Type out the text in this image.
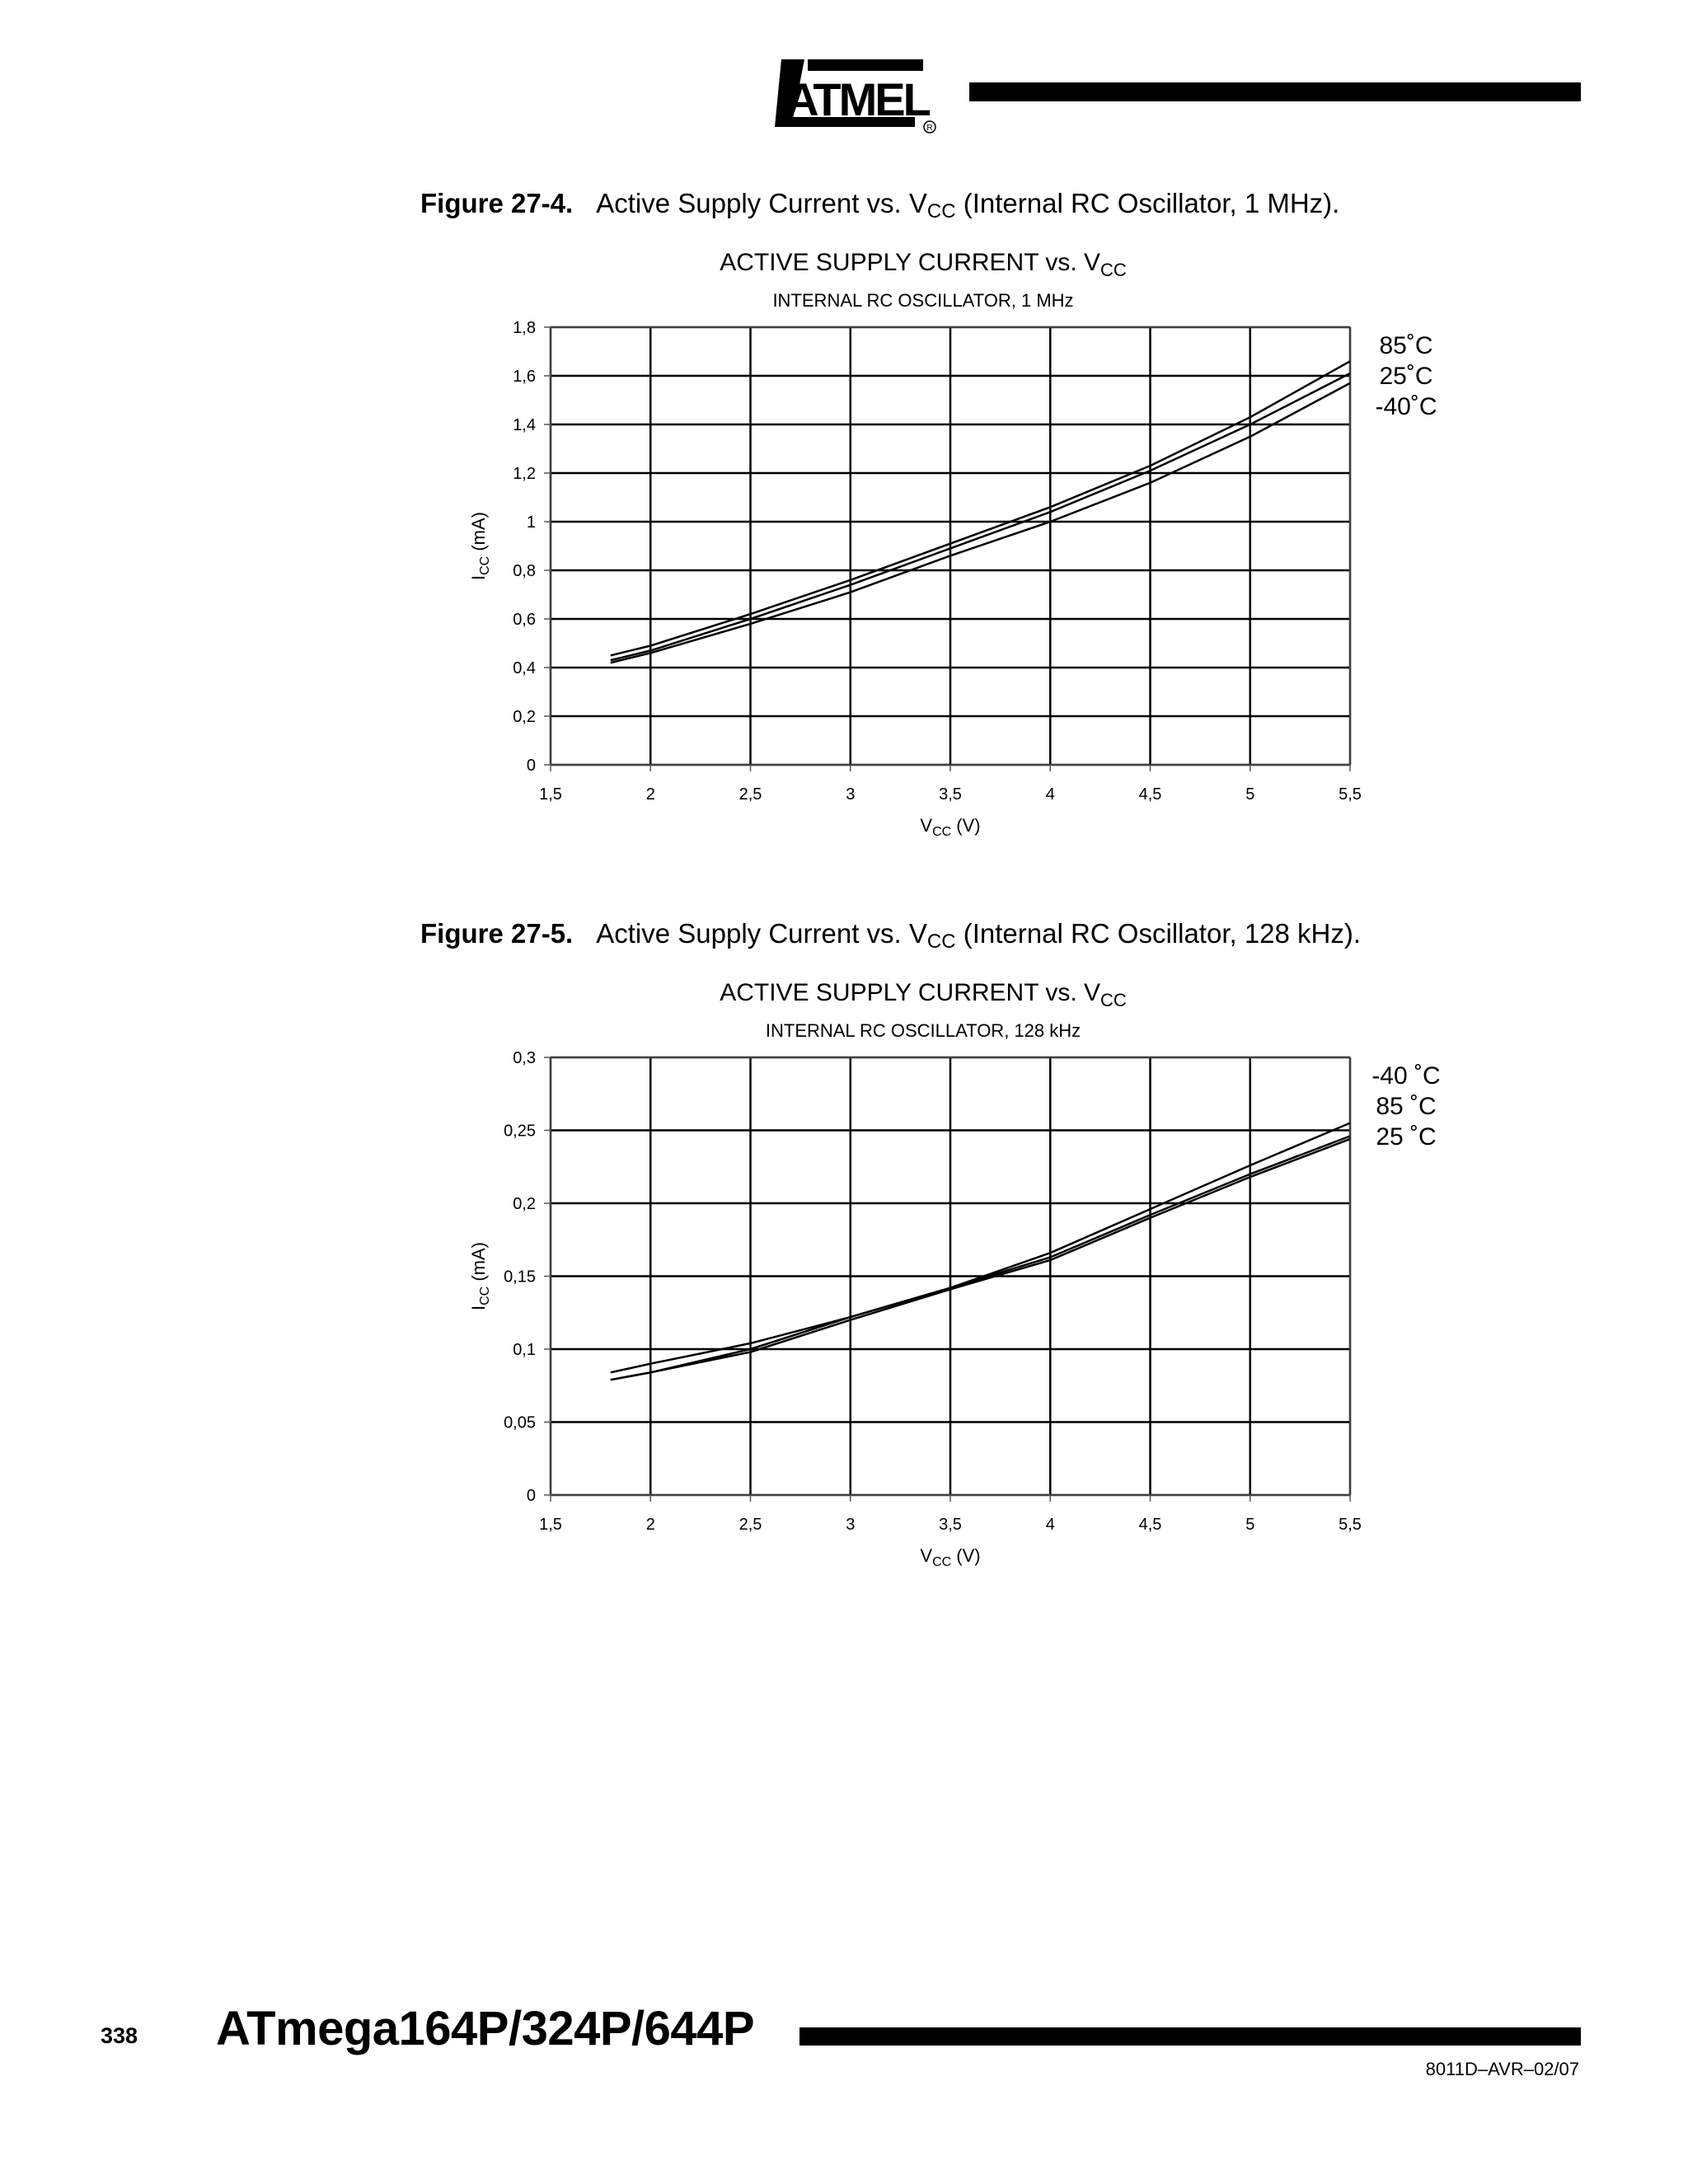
ATMEL
R
Figure 27-4. Active Supply Current vs. $V_{CC}$ (Internal RC Oscillator, 1 MHz).
ACTIVE SUPPLY CURRENT vs. $V_{CC}$
INTERNAL RC OSCILLATOR, 1 MHz
0
0,2
0,4
0,6
0,8
1
1,2
1,4
1,6
1,8
1,5	2	2,5	3	3,5	4	4,5	5	5,5
$V_{CC}$ (V)
$I_{CC}$ (mA)
85˚C
25˚C
-40˚C
Figure 27-5. Active Supply Current vs. $V_{CC}$ (Internal RC Oscillator, 128 kHz).
ACTIVE SUPPLY CURRENT vs. $V_{CC}$
INTERNAL RC OSCILLATOR, 128 kHz
0
0,05
0,1
0,15
0,2
0,25
0,3
1,5	2	2,5	3	3,5	4	4,5	5	5,5
$V_{CC}$ (V)
$I_{CC}$ (mA)
-40 ˚C
85 ˚C
25 ˚C
338 ATmega164P/324P/644P
8011D–AVR–02/07
